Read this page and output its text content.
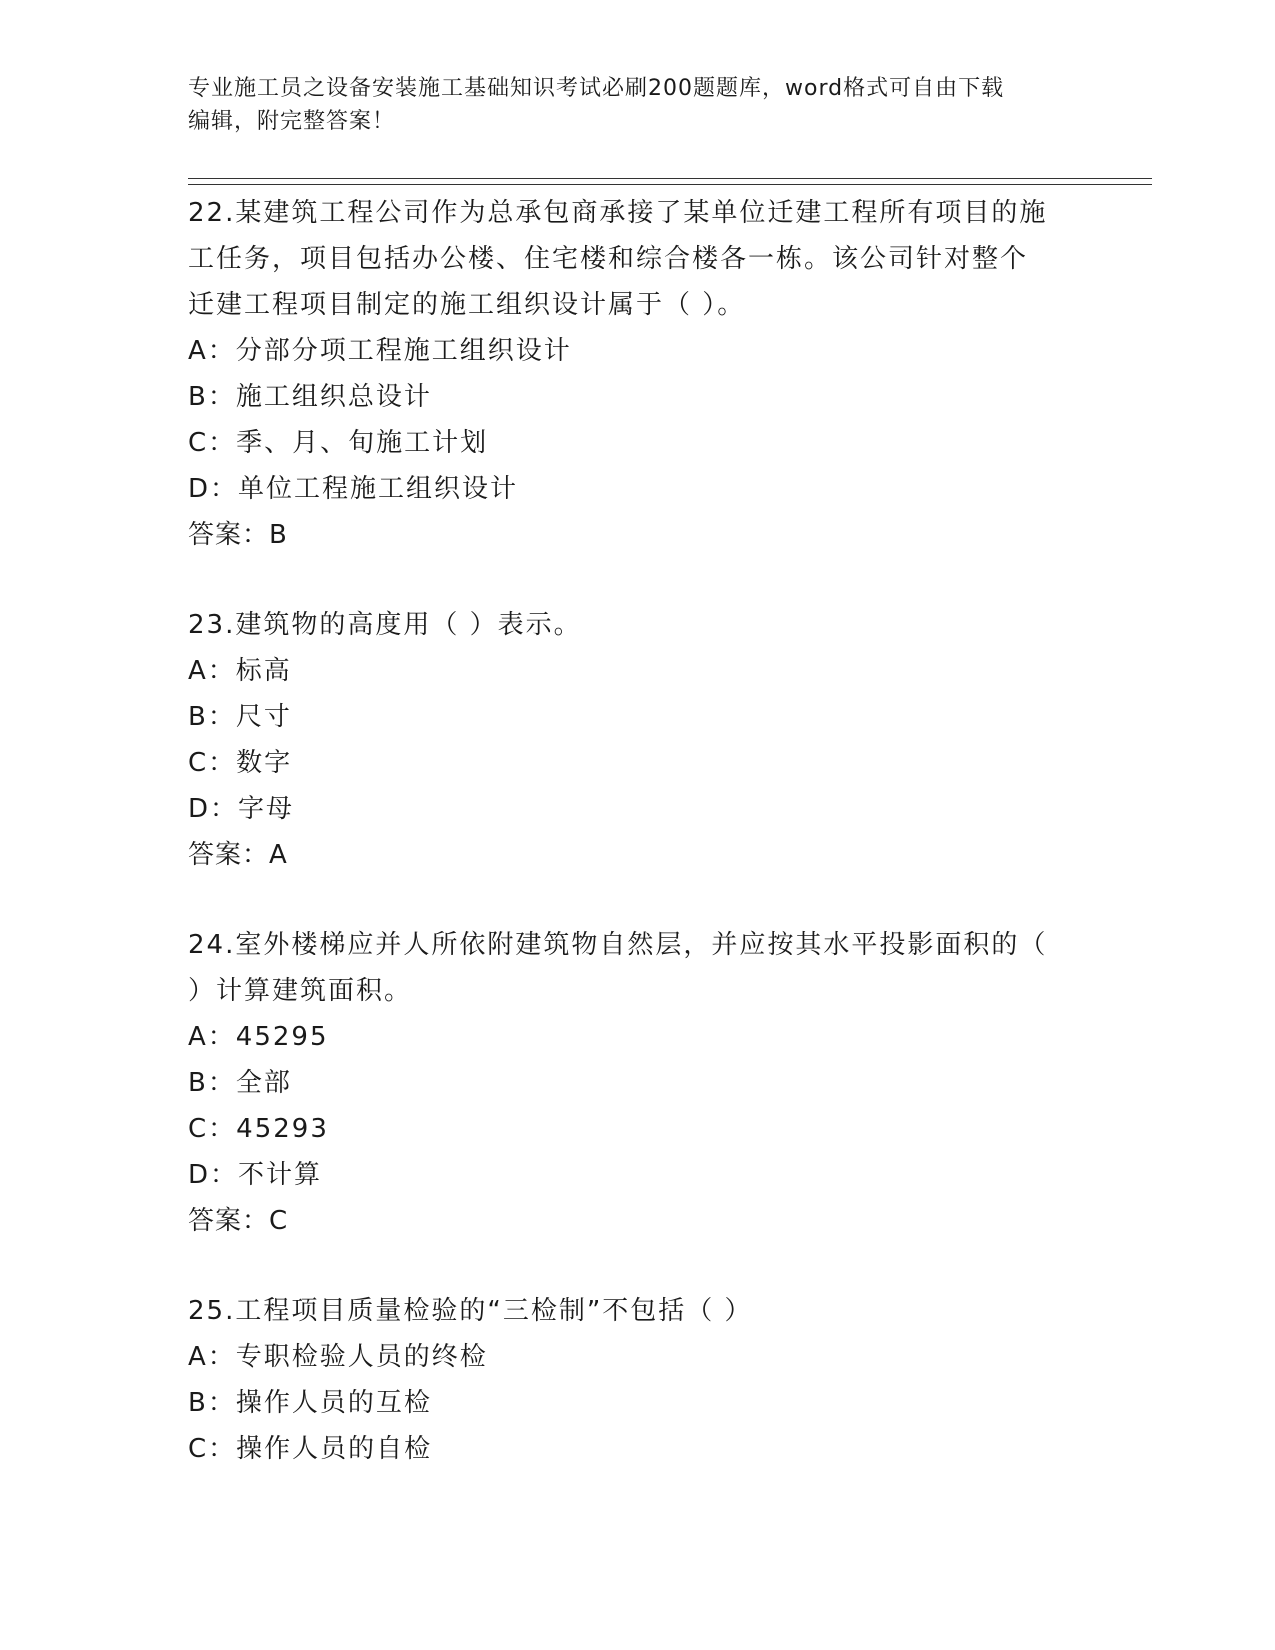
专业施工员之设备安装施工基础知识考试必刷200题题库，word格式可自由下载
编辑，附完整答案！
22.某建筑工程公司作为总承包商承接了某单位迁建工程所有项目的施
工任务，项目包括办公楼、住宅楼和综合楼各一栋。该公司针对整个
迁建工程项目制定的施工组织设计属于（ ）。
A：分部分项工程施工组织设计
B：施工组织总设计
C：季、月、旬施工计划
D：单位工程施工组织设计
答案：B
23.建筑物的高度用（ ）表示。
A：标高
B：尺寸
C：数字
D：字母
答案：A
24.室外楼梯应并人所依附建筑物自然层，并应按其水平投影面积的（
）计算建筑面积。
A：45295
B：全部
C：45293
D：不计算
答案：C
25.工程项目质量检验的“三检制”不包括（ ）
A：专职检验人员的终检
B：操作人员的互检
C：操作人员的自检
